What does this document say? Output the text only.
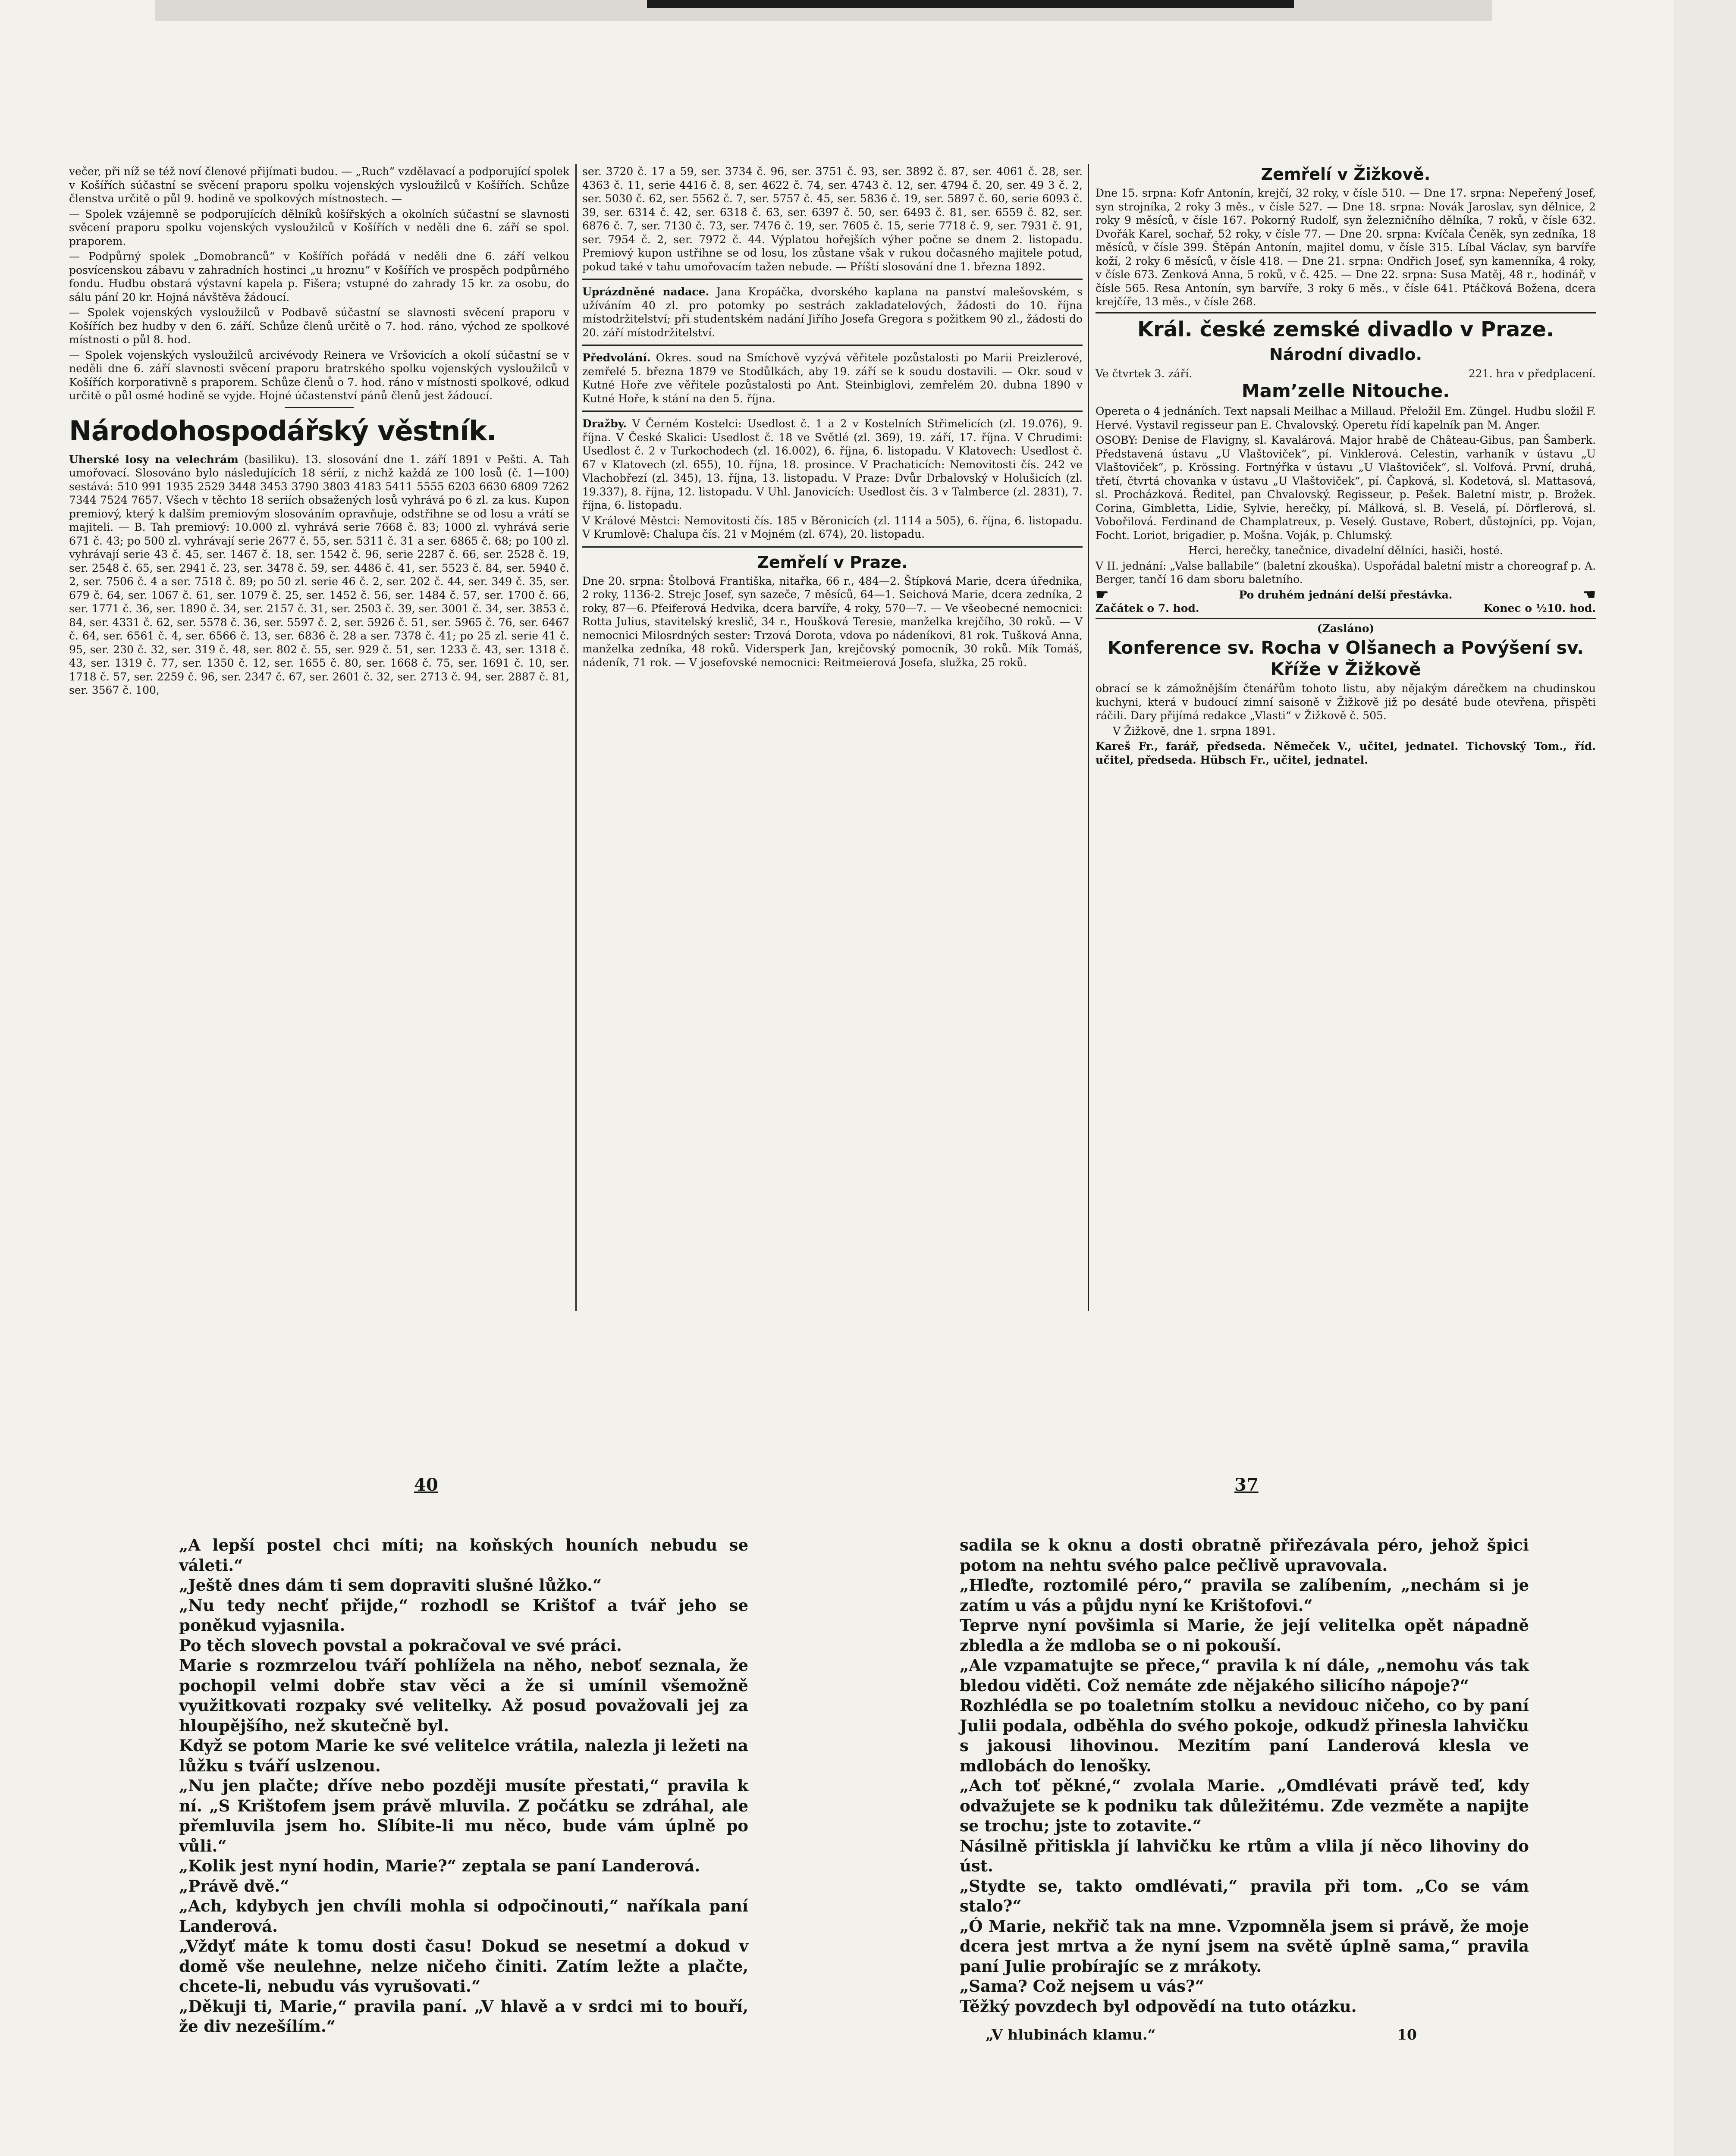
večer, při níž se též noví členové přijímati budou. — „Ruch“ vzdělavací a podporující spolek v Košířích súčastní se svěcení praporu spolku vojenských vysloužilců v Košířích. Schůze členstva určitě o půl 9. hodině ve spolkových místnostech. —

— Spolek vzájemně se podporujících dělníků košířských a okolních súčastní se slavnosti svěcení praporu spolku vojenských vysloužilců v Košířích v neděli dne 6. září se spol. praporem.

— Podpůrný spolek „Domobranců“ v Košířích pořádá v neděli dne 6. září velkou posvícenskou zábavu v zahradních hostinci „u hroznu“ v Košířích ve prospěch podpůrného fondu. Hudbu obstará výstavní kapela p. Fišera; vstupné do zahrady 15 kr. za osobu, do sálu pání 20 kr. Hojná návštěva žádoucí.

— Spolek vojenských vysloužilců v Podbavě súčastní se slavnosti svěcení praporu v Košířích bez hudby v den 6. září. Schůze členů určitě o 7. hod. ráno, východ ze spolkové místnosti o půl 8. hod.

— Spolek vojenských vysloužilců arcivévody Reinera ve Vršovicích a okolí súčastní se v neděli dne 6. září slavnosti svěcení praporu bratrského spolku vojenských vysloužilců v Košířích korporativně s praporem. Schůze členů o 7. hod. ráno v místnosti spolkové, odkud určitě o půl osmé hodině se vyjde. Hojné účastenství pánů členů jest žádoucí.

Národohospodářský věstník.

Uherské losy na velechrám (basiliku). 13. slosování dne 1. září 1891 v Pešti. A. Tah umořovací. Slosováno bylo následujících 18 sérií, z nichž každá ze 100 losů (č. 1—100) sestává: 510 991 1935 2529 3448 3453 3790 3803 4183 5411 5555 6203 6630 6809 7262 7344 7524 7657. Všech v těchto 18 seriích obsažených losů vyhrává po 6 zl. za kus. Kupon premiový, který k dalším premiovým slosováním opravňuje, odstřihne se od losu a vrátí se majiteli. — B. Tah premiový: 10.000 zl. vyhrává serie 7668 č. 83; 1000 zl. vyhrává serie 671 č. 43; po 500 zl. vyhrávají serie 2677 č. 55, ser. 5311 č. 31 a ser. 6865 č. 68; po 100 zl. vyhrávají serie 43 č. 45, ser. 1467 č. 18, ser. 1542 č. 96, serie 2287 č. 66, ser. 2528 č. 19, ser. 2548 č. 65, ser. 2941 č. 23, ser. 3478 č. 59, ser. 4486 č. 41, ser. 5523 č. 84, ser. 5940 č. 2, ser. 7506 č. 4 a ser. 7518 č. 89; po 50 zl. serie 46 č. 2, ser. 202 č. 44, ser. 349 č. 35, ser. 679 č. 64, ser. 1067 č. 61, ser. 1079 č. 25, ser. 1452 č. 56, ser. 1484 č. 57, ser. 1700 č. 66, ser. 1771 č. 36, ser. 1890 č. 34, ser. 2157 č. 31, ser. 2503 č. 39, ser. 3001 č. 34, ser. 3853 č. 84, ser. 4331 č. 62, ser. 5578 č. 36, ser. 5597 č. 2, ser. 5926 č. 51, ser. 5965 č. 76, ser. 6467 č. 64, ser. 6561 č. 4, ser. 6566 č. 13, ser. 6836 č. 28 a ser. 7378 č. 41; po 25 zl. serie 41 č. 95, ser. 230 č. 32, ser. 319 č. 48, ser. 802 č. 55, ser. 929 č. 51, ser. 1233 č. 43, ser. 1318 č. 43, ser. 1319 č. 77, ser. 1350 č. 12, ser. 1655 č. 80, ser. 1668 č. 75, ser. 1691 č. 10, ser. 1718 č. 57, ser. 2259 č. 96, ser. 2347 č. 67, ser. 2601 č. 32, ser. 2713 č. 94, ser. 2887 č. 81, ser. 3567 č. 100,

ser. 3720 č. 17 a 59, ser. 3734 č. 96, ser. 3751 č. 93, ser. 3892 č. 87, ser. 4061 č. 28, ser. 4363 č. 11, serie 4416 č. 8, ser. 4622 č. 74, ser. 4743 č. 12, ser. 4794 č. 20, ser. 49 3 č. 2, ser. 5030 č. 62, ser. 5562 č. 7, ser. 5757 č. 45, ser. 5836 č. 19, ser. 5897 č. 60, serie 6093 č. 39, ser. 6314 č. 42, ser. 6318 č. 63, ser. 6397 č. 50, ser. 6493 č. 81, ser. 6559 č. 82, ser. 6876 č. 7, ser. 7130 č. 73, ser. 7476 č. 19, ser. 7605 č. 15, serie 7718 č. 9, ser. 7931 č. 91, ser. 7954 č. 2, ser. 7972 č. 44. Výplatou hořejších výher počne se dnem 2. listopadu. Premiový kupon ustřihne se od losu, los zůstane však v rukou dočasného majitele potud, pokud také v tahu umořovacím tažen nebude. — Příští slosování dne 1. března 1892.

Uprázdněné nadace. Jana Kropáčka, dvorského kaplana na panství malešovském, s užíváním 40 zl. pro potomky po sestrách zakladatelových, žádosti do 10. října místodržitelství; při studentském nadání Jiřího Josefa Gregora s požitkem 90 zl., žádosti do 20. září místodržitelství.

Předvolání. Okres. soud na Smíchově vyzývá věřitele pozůstalosti po Marii Preizlerové, zemřelé 5. března 1879 ve Stodůlkách, aby 19. září se k soudu dostavili. — Okr. soud v Kutné Hoře zve věřitele pozůstalosti po Ant. Steinbiglovi, zemřelém 20. dubna 1890 v Kutné Hoře, k stání na den 5. října.

Dražby. V Černém Kostelci: Usedlost č. 1 a 2 v Kostelních Střimelicích (zl. 19.076), 9. října. V České Skalici: Usedlost č. 18 ve Světlé (zl. 369), 19. září, 17. října. V Chrudimi: Usedlost č. 2 v Turkochodech (zl. 16.002), 6. října, 6. listopadu. V Klatovech: Usedlost č. 67 v Klatovech (zl. 655), 10. října, 18. prosince. V Prachaticích: Nemovitosti čís. 242 ve Vlachobřezí (zl. 345), 13. října, 13. listopadu. V Praze: Dvůr Drbalovský v Holušicích (zl. 19.337), 8. října, 12. listopadu. V Uhl. Janovicích: Usedlost čís. 3 v Talmberce (zl. 2831), 7. října, 6. listopadu.

V Králové Městci: Nemovitosti čís. 185 v Běronicích (zl. 1114 a 505), 6. října, 6. listopadu. V Krumlově: Chalupa čís. 21 v Mojném (zl. 674), 20. listopadu.

Zemřelí v Praze.

Dne 20. srpna: Štolbová Františka, nitařka, 66 r., 484—2. Štípková Marie, dcera úřednika, 2 roky, 1136-2. Strejc Josef, syn sazeče, 7 měsíců, 64—1. Seichová Marie, dcera zedníka, 2 roky, 87—6. Pfeiferová Hedvika, dcera barvíře, 4 roky, 570—7. — Ve všeobecné nemocnici: Rotta Julius, stavitelský kreslič, 34 r., Houšková Teresie, manželka krejčího, 30 roků. — V nemocnici Milosrdných sester: Trzová Dorota, vdova po nádeníkovi, 81 rok. Tušková Anna, manželka zedníka, 48 roků. Vidersperk Jan, krejčovský pomocník, 30 roků. Mík Tomáš, nádeník, 71 rok. — V josefovské nemocnici: Reitmeierová Josefa, služka, 25 roků.

Zemřelí v Žižkově.

Dne 15. srpna: Kofr Antonín, krejčí, 32 roky, v čísle 510. — Dne 17. srpna: Nepeřený Josef, syn strojníka, 2 roky 3 měs., v čísle 527. — Dne 18. srpna: Novák Jaroslav, syn dělnice, 2 roky 9 měsíců, v čísle 167. Pokorný Rudolf, syn železničního dělníka, 7 roků, v čísle 632. Dvořák Karel, sochař, 52 roky, v čísle 77. — Dne 20. srpna: Kvíčala Čeněk, syn zedníka, 18 měsíců, v čísle 399. Štěpán Antonín, majitel domu, v čísle 315. Líbal Václav, syn barvíře koží, 2 roky 6 měsíců, v čísle 418. — Dne 21. srpna: Ondřich Josef, syn kamenníka, 4 roky, v čísle 673. Zenková Anna, 5 roků, v č. 425. — Dne 22. srpna: Susa Matěj, 48 r., hodinář, v čísle 565. Resa Antonín, syn barvíře, 3 roky 6 měs., v čísle 641. Ptáčková Božena, dcera krejčíře, 13 měs., v čísle 268.

Král. české zemské divadlo v Praze.
Národní divadlo.
Ve čtvrtek 3. září.	221. hra v předplacení.
Mam’zelle Nitouche.

Opereta o 4 jednáních. Text napsali Meilhac a Millaud. Přeložil Em. Züngel. Hudbu složil F. Hervé. Vystavil regisseur pan E. Chvalovský. Operetu řídí kapelník pan M. Anger.

OSOBY: Denise de Flavigny, sl. Kavalárová. Major hrabě de Château-Gibus, pan Šamberk. Představená ústavu „U Vlaštoviček“, pí. Vinklerová. Celestin, varhaník v ústavu „U Vlaštoviček“, p. Krössing. Fortnýřka v ústavu „U Vlaštoviček“, sl. Volfová. První, druhá, třetí, čtvrtá chovanka v ústavu „U Vlaštoviček“, pí. Čapková, sl. Kodetová, sl. Mattasová, sl. Procházková. Ředitel, pan Chvalovský. Regisseur, p. Pešek. Baletní mistr, p. Brožek. Corina, Gimbletta, Lidie, Sylvie, herečky, pí. Málková, sl. B. Veselá, pí. Dörflerová, sl. Vobořilová. Ferdinand de Champlatreux, p. Veselý. Gustave, Robert, důstojníci, pp. Vojan, Focht. Loriot, brigadier, p. Mošna. Voják, p. Chlumský.

Herci, herečky, tanečnice, divadelní dělníci, hasiči, hosté.

V II. jednání: „Valse ballabile“ (baletní zkouška). Uspořádal baletní mistr a choreograf p. A. Berger, tančí 16 dam sboru baletního.

☛	Po druhém jednání delší přestávka.	☚
Začátek o 7. hod.	Konec o ½10. hod.

(Zasláno)

Konference sv. Rocha v Olšanech a Povýšení sv. Kříže v Žižkově

obrací se k zámožnějším čtenářům tohoto listu, aby nějakým dárečkem na chudinskou kuchyni, která v budoucí zimní saisoně v Žižkově již po desáté bude otevřena, přispěti ráčili. Dary přijímá redakce „Vlasti“ v Žižkově č. 505.

V Žižkově, dne 1. srpna 1891.

Kareš Fr., farář, předseda. Němeček V., učitel, jednatel. Tichovský Tom., říd. učitel, předseda. Hübsch Fr., učitel, jednatel.

40	37

„A lepší postel chci míti; na koňských houních nebudu se váleti.“

„Ještě dnes dám ti sem dopraviti slušné lůžko.“

„Nu tedy nechť přijde,“ rozhodl se Krištof a tvář jeho se poněkud vyjasnila.

Po těch slovech povstal a pokračoval ve své práci.

Marie s rozmrzelou tváří pohlížela na něho, neboť seznala, že pochopil velmi dobře stav věci a že si umínil všemožně využitkovati rozpaky své velitelky. Až posud považovali jej za hloupějšího, než skutečně byl.

Když se potom Marie ke své velitelce vrátila, nalezla ji ležeti na lůžku s tváří uslzenou.

„Nu jen plačte; dříve nebo později musíte přestati,“ pravila k ní. „S Krištofem jsem právě mluvila. Z počátku se zdráhal, ale přemluvila jsem ho. Slíbite-li mu něco, bude vám úplně po vůli.“

„Kolik jest nyní hodin, Marie?“ zeptala se paní Landerová.

„Právě dvě.“

„Ach, kdybych jen chvíli mohla si odpočinouti,“ naříkala paní Landerová.

„Vždyť máte k tomu dosti času! Dokud se nesetmí a dokud v domě vše neulehne, nelze ničeho činiti. Zatím ležte a plačte, chcete-li, nebudu vás vyrušovati.“

„Děkuji ti, Marie,“ pravila paní. „V hlavě a v srdci mi to bouří, že div nezešílím.“

sadila se k oknu a dosti obratně přiřezávala péro, jehož špici potom na nehtu svého palce pečlivě upravovala.

„Hleďte, roztomilé péro,“ pravila se zalíbením, „nechám si je zatím u vás a půjdu nyní ke Krištofovi.“

Teprve nyní povšimla si Marie, že její velitelka opět nápadně zbledla a že mdloba se o ni pokouší.

„Ale vzpamatujte se přece,“ pravila k ní dále, „nemohu vás tak bledou viděti. Což nemáte zde nějakého silicího nápoje?“

Rozhlédla se po toaletním stolku a nevidouc ničeho, co by paní Julii podala, odběhla do svého pokoje, odkudž přinesla lahvičku s jakousi lihovinou. Mezitím paní Landerová klesla ve mdlobách do lenošky.

„Ach toť pěkné,“ zvolala Marie. „Omdlévati právě teď, kdy odvažujete se k podniku tak důležitému. Zde vezměte a napijte se trochu; jste to zotavite.“

Násilně přitiskla jí lahvičku ke rtům a vlila jí něco lihoviny do úst.

„Stydte se, takto omdlévati,“ pravila při tom. „Co se vám stalo?“

„Ó Marie, nekřič tak na mne. Vzpomněla jsem si právě, že moje dcera jest mrtva a že nyní jsem na světě úplně sama,“ pravila paní Julie probírajíc se z mrákoty.

„Sama? Což nejsem u vás?“

Těžký povzdech byl odpovědí na tuto otázku.

„V hlubinách klamu.“	10
